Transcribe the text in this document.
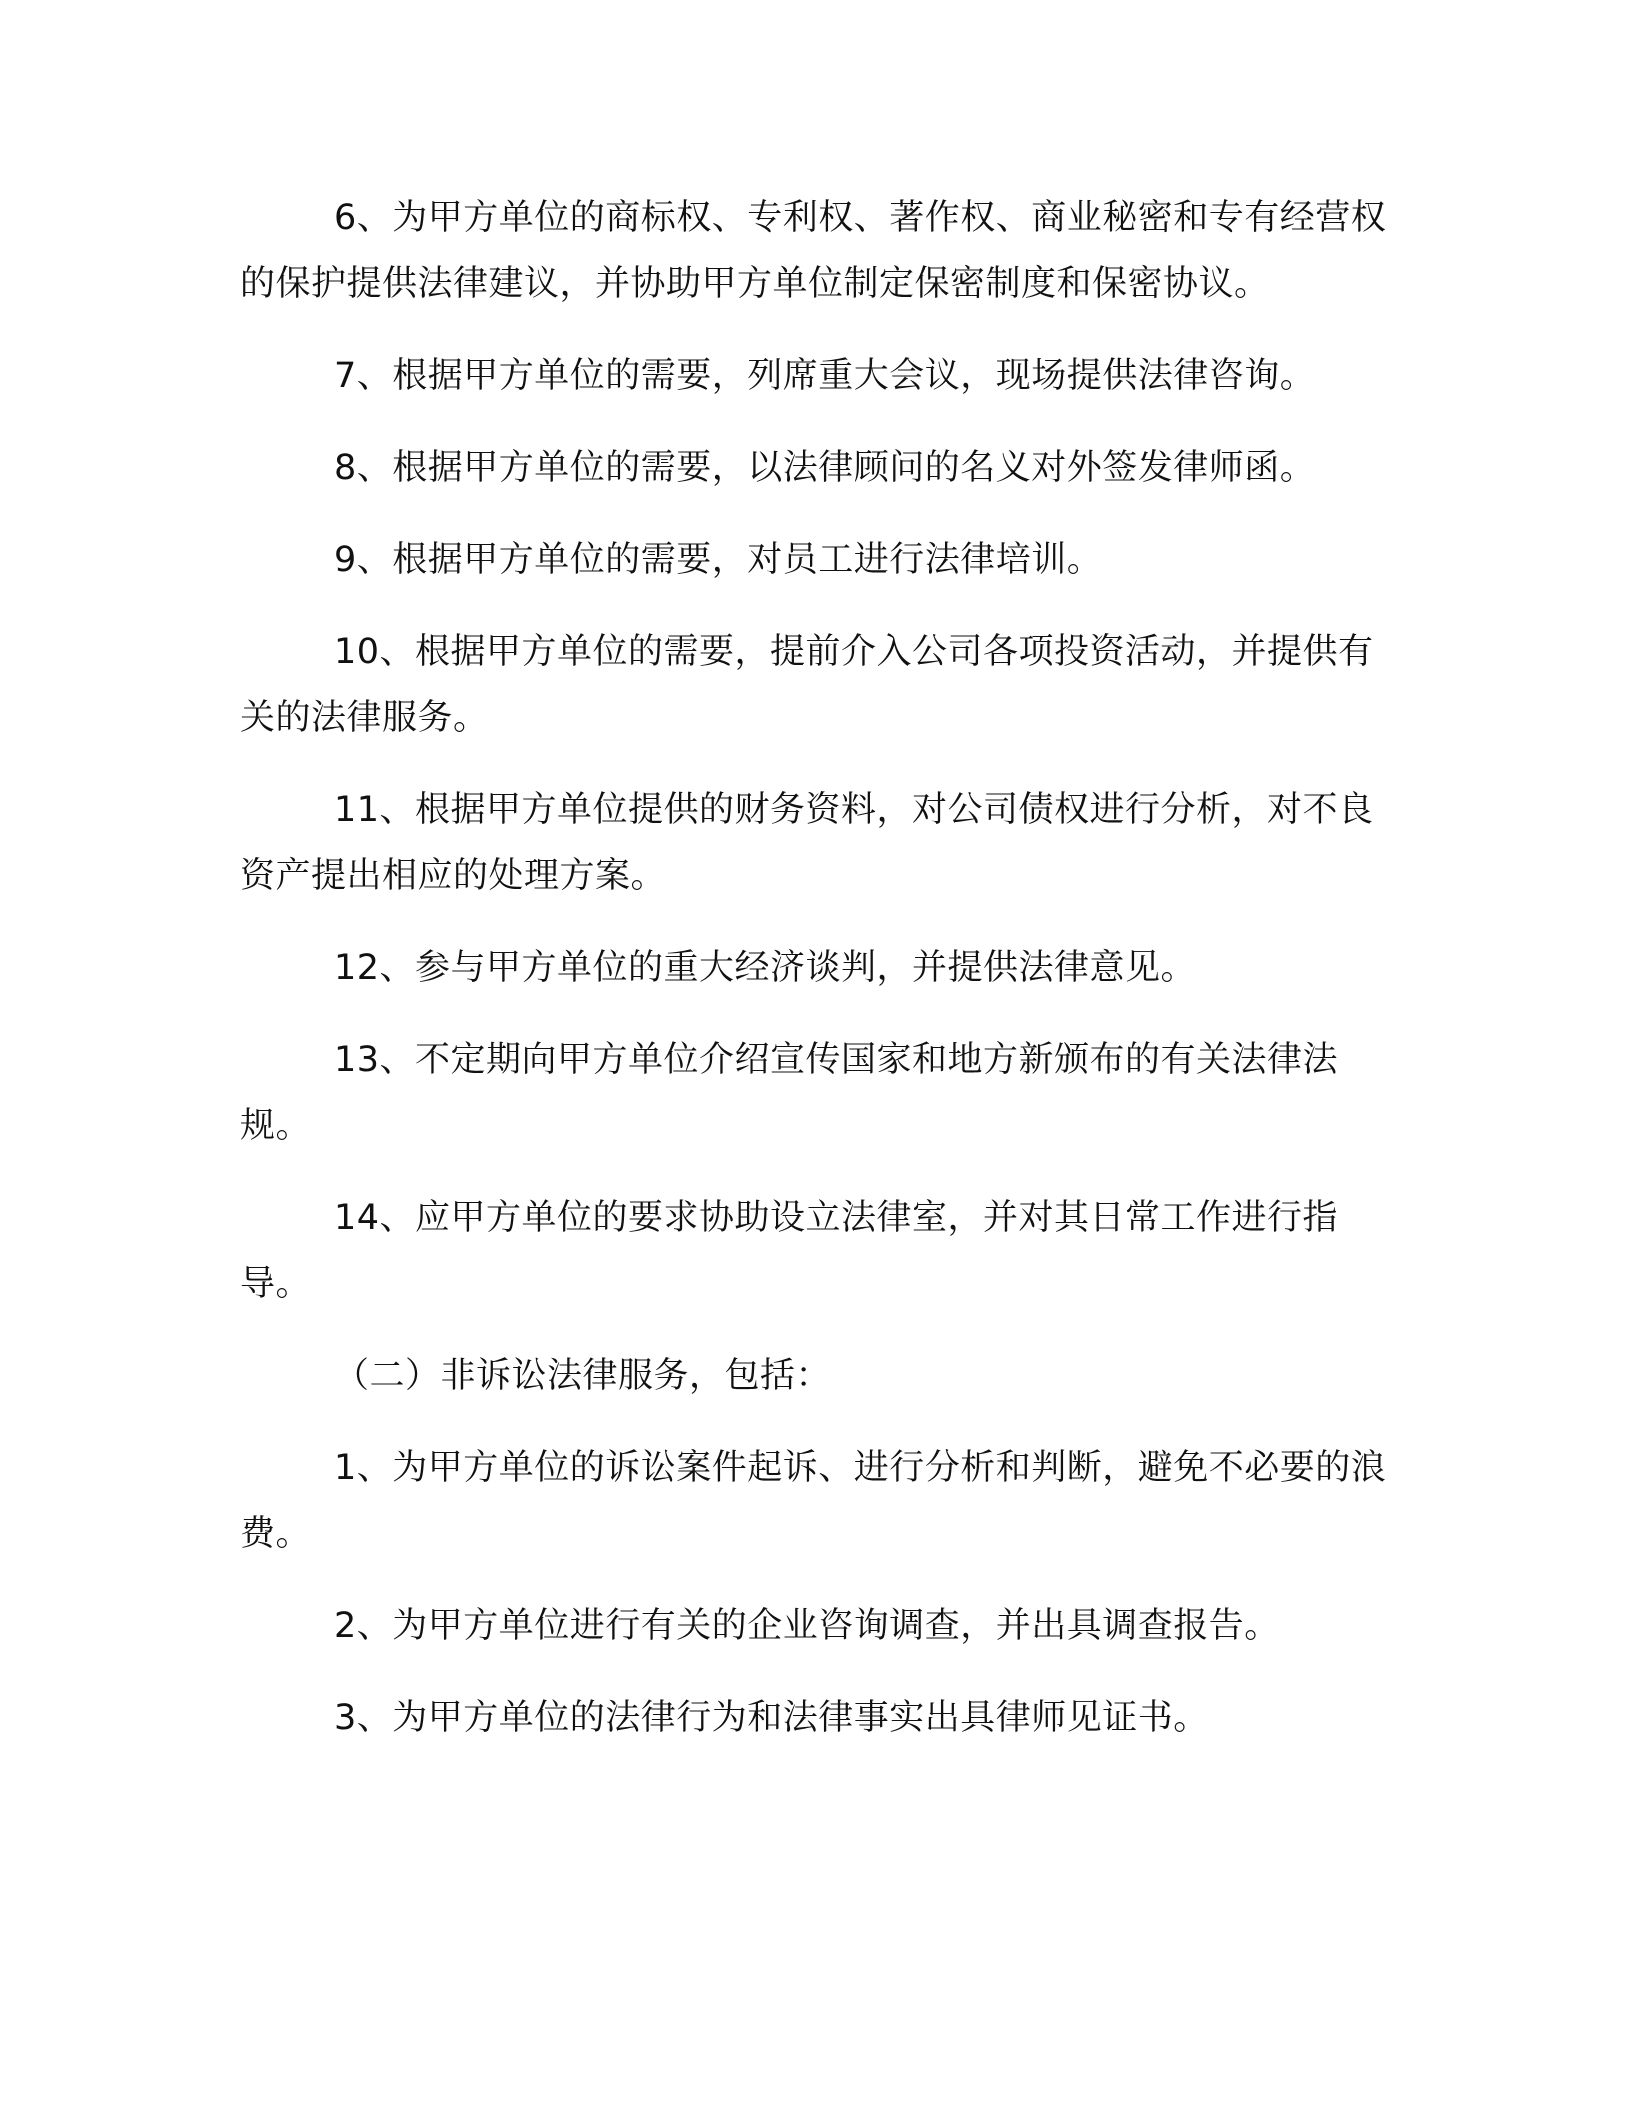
6、为甲方单位的商标权、专利权、著作权、商业秘密和专有经营权的保护提供法律建议，并协助甲方单位制定保密制度和保密协议。

7、根据甲方单位的需要，列席重大会议，现场提供法律咨询。

8、根据甲方单位的需要，以法律顾问的名义对外签发律师函。

9、根据甲方单位的需要，对员工进行法律培训。

10、根据甲方单位的需要，提前介入公司各项投资活动，并提供有关的法律服务。

11、根据甲方单位提供的财务资料，对公司债权进行分析，对不良资产提出相应的处理方案。

12、参与甲方单位的重大经济谈判，并提供法律意见。

13、不定期向甲方单位介绍宣传国家和地方新颁布的有关法律法规。

14、应甲方单位的要求协助设立法律室，并对其日常工作进行指导。

（二）非诉讼法律服务，包括：

1、为甲方单位的诉讼案件起诉、进行分析和判断，避免不必要的浪费。

2、为甲方单位进行有关的企业咨询调查，并出具调查报告。

3、为甲方单位的法律行为和法律事实出具律师见证书。
